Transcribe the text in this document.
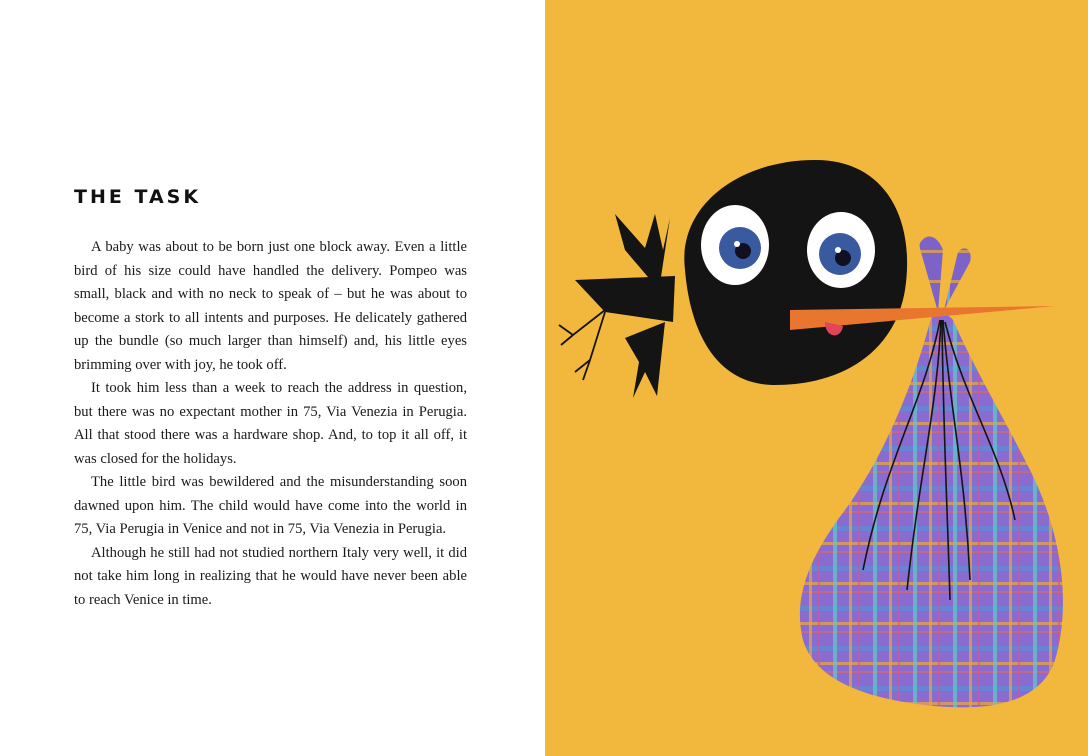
THE TASK

A baby was about to be born just one block away. Even a little bird of his size could have handled the delivery. Pompeo was small, black and with no neck to speak of – but he was about to become a stork to all intents and purposes. He delicately gathered up the bundle (so much larger than himself) and, his little eyes brimming over with joy, he took off.

It took him less than a week to reach the address in question, but there was no expectant mother in 75, Via Venezia in Perugia. All that stood there was a hardware shop. And, to top it all off, it was closed for the holidays.

The little bird was bewildered and the misunderstanding soon dawned upon him. The child would have come into the world in 75, Via Perugia in Venice and not in 75, Via Venezia in Perugia.

Although he still had not studied northern Italy very well, it did not take him long in realizing that he would have never been able to reach Venice in time.
